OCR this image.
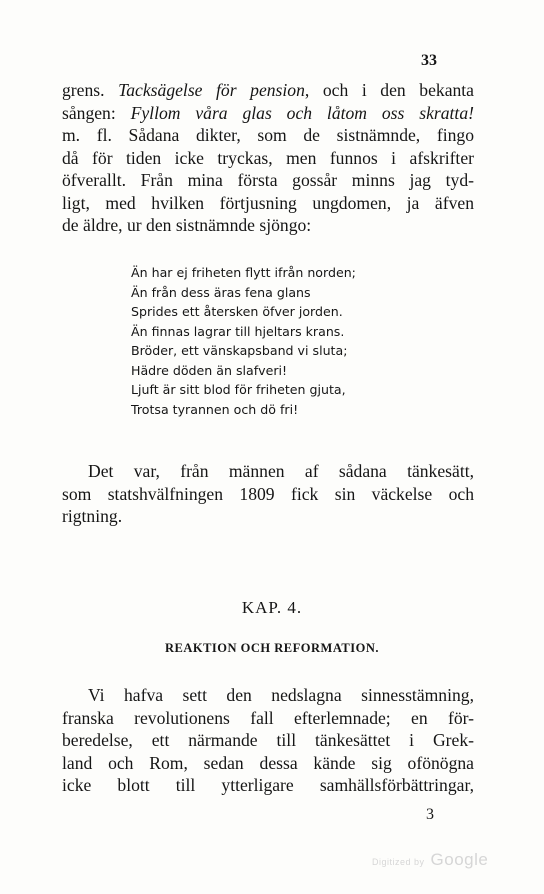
33
grens. Tacksägelse för pension, och i den bekanta
sången: Fyllom våra glas och låtom oss skratta!
m. fl. Sådana dikter, som de sistnämnde, fingo
då för tiden icke tryckas, men funnos i afskrifter
öfverallt. Från mina första gossår minns jag tyd-
ligt, med hvilken förtjusning ungdomen, ja äfven
de äldre, ur den sistnämnde sjöngo:
Än har ej friheten flytt ifrån norden;
Än från dess äras fena glans
Sprides ett återsken öfver jorden.
Än finnas lagrar till hjeltars krans.
Bröder, ett vänskapsband vi sluta;
Hädre döden än slafveri!
Ljuft är sitt blod för friheten gjuta,
Trotsa tyrannen och dö fri!
Det var, från männen af sådana tänkesätt,
som statshvälfningen 1809 fick sin väckelse och
rigtning.
KAP. 4.
REAKTION OCH REFORMATION.
Vi hafva sett den nedslagna sinnesstämning,
franska revolutionens fall efterlemnade; en för-
beredelse, ett närmande till tänkesättet i Grek-
land och Rom, sedan dessa kände sig ofönögna
icke blott till ytterligare samhällsförbättringar,
3
Digitized by Google
